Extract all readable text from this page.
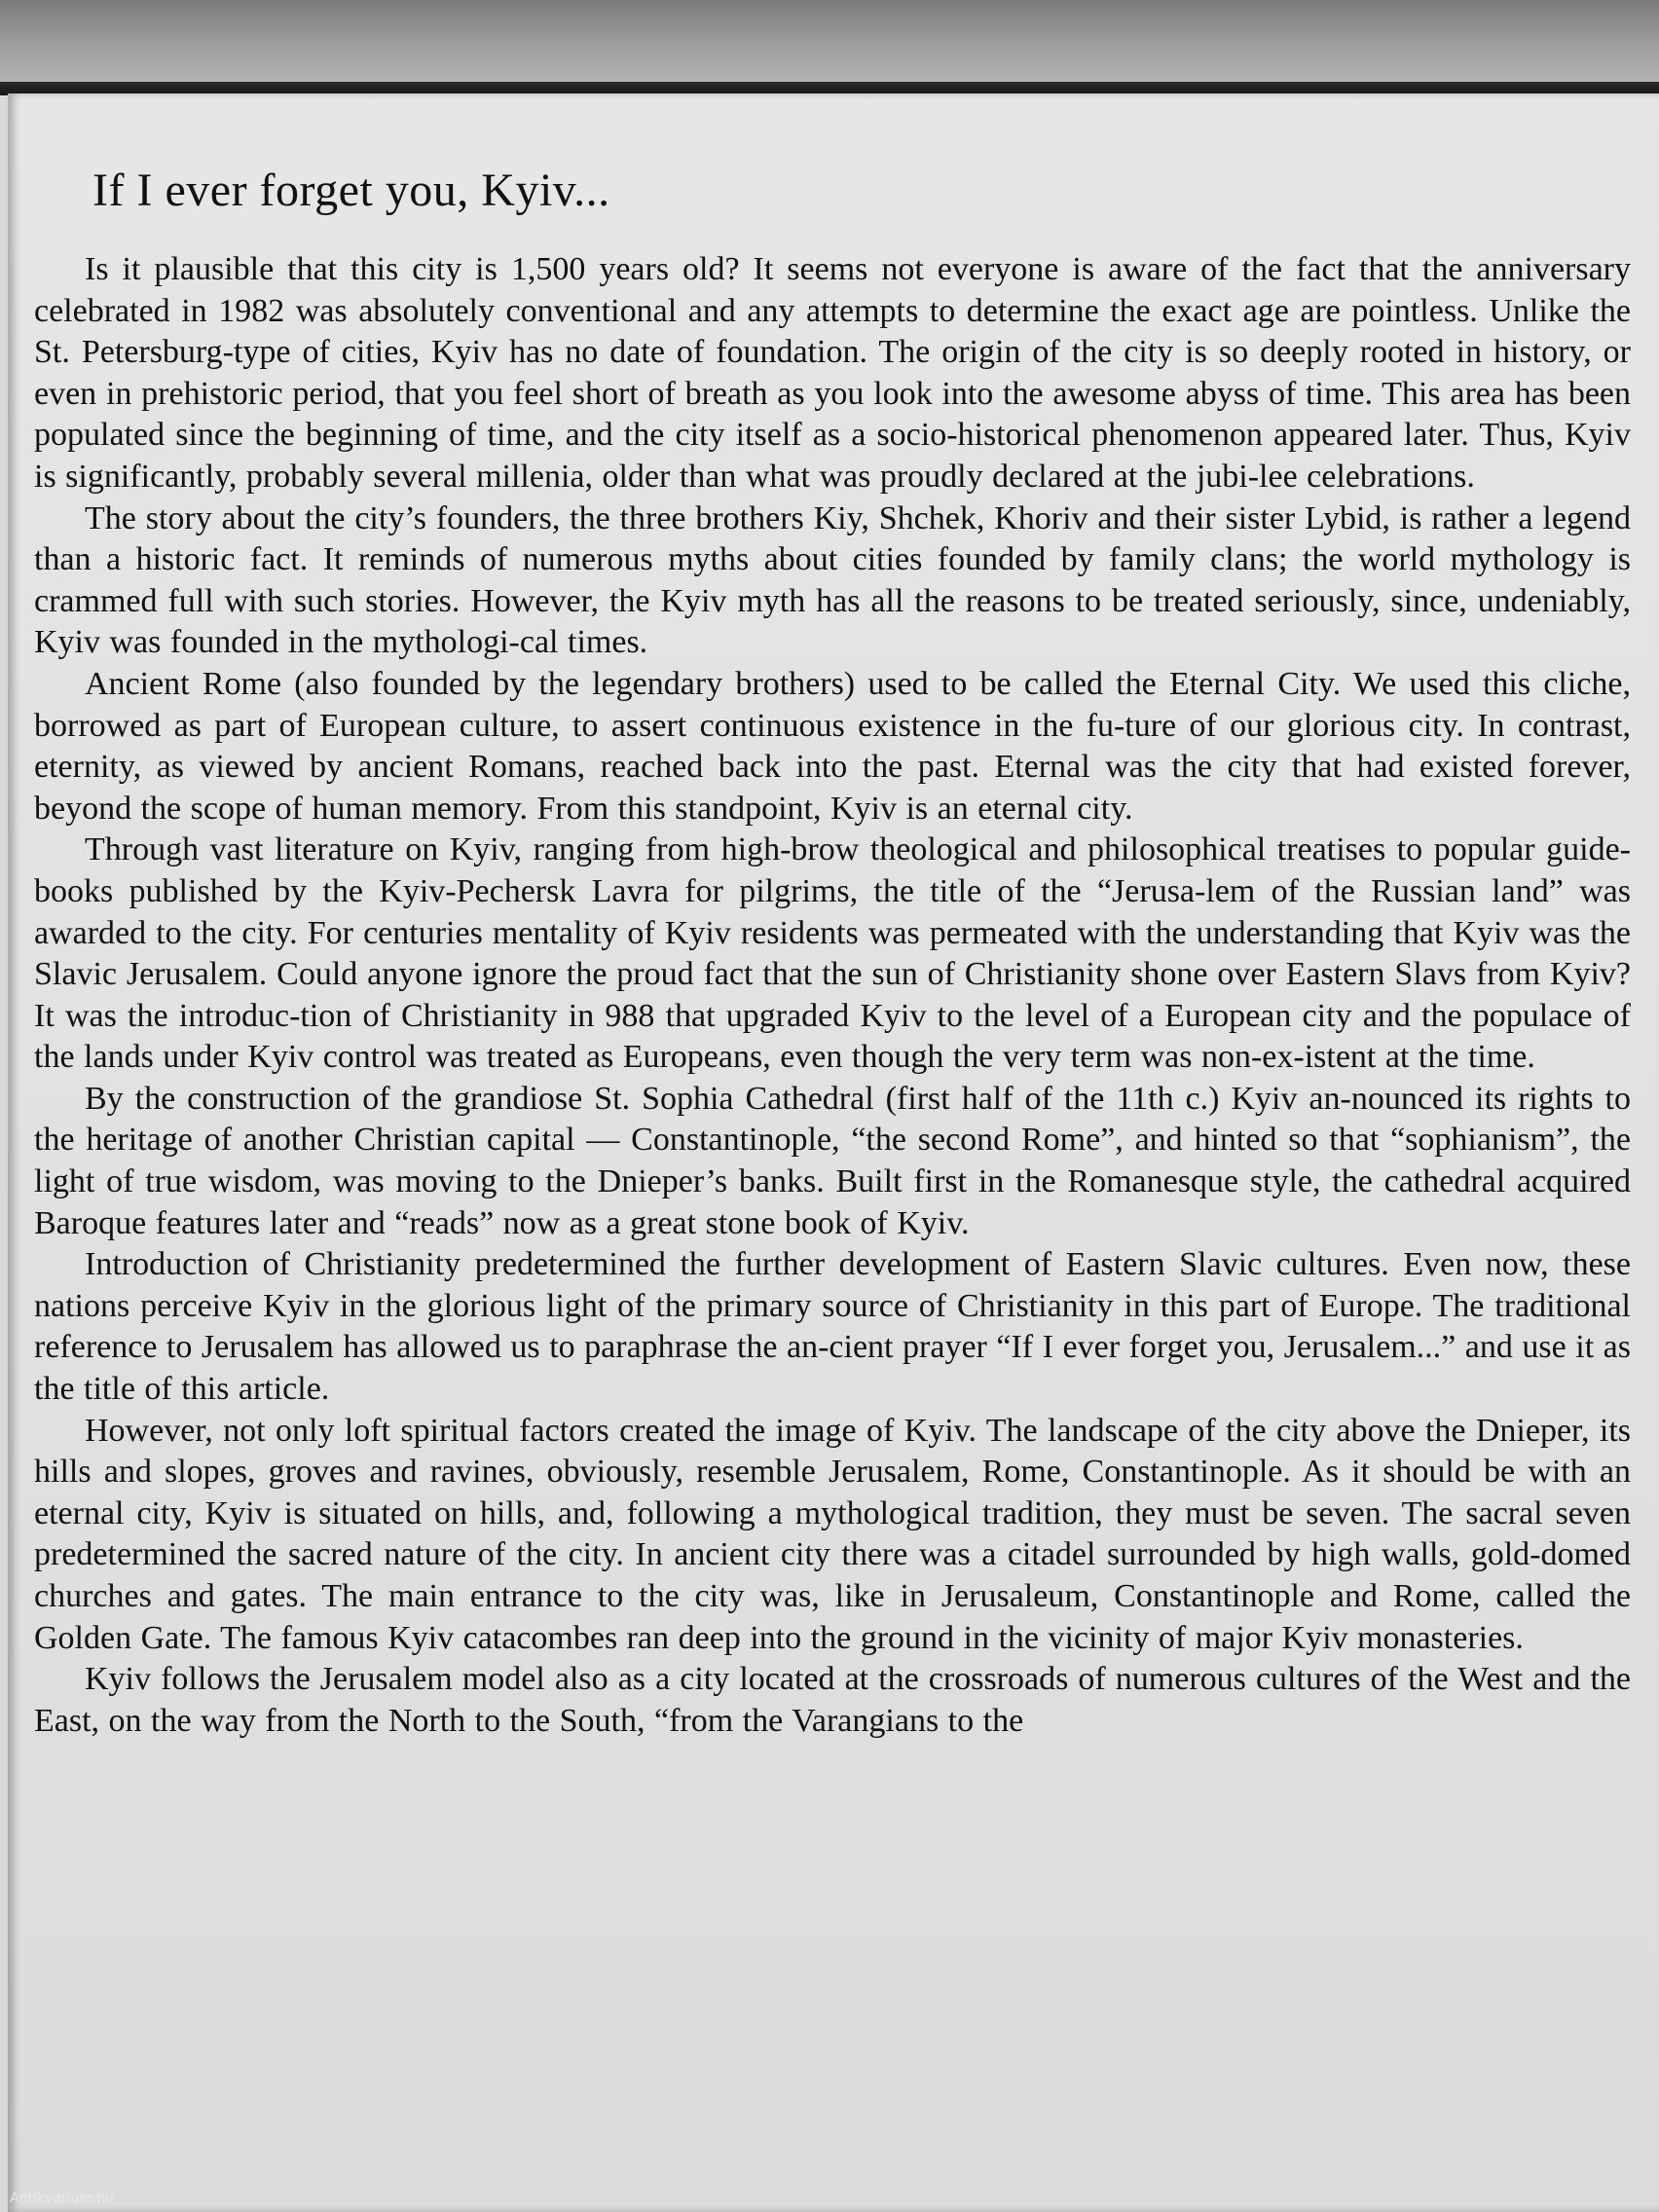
If I ever forget you, Kyiv...

Is it plausible that this city is 1,500 years old? It seems not everyone is aware of the fact that the anniversary celebrated in 1982 was absolutely conventional and any attempts to determine the exact age are pointless. Unlike the St. Petersburg-type of cities, Kyiv has no date of foundation. The origin of the city is so deeply rooted in history, or even in prehistoric period, that you feel short of breath as you look into the awesome abyss of time. This area has been populated since the beginning of time, and the city itself as a socio-historical phenomenon appeared later. Thus, Kyiv is significantly, probably several millenia, older than what was proudly declared at the jubi-lee celebrations.

The story about the city’s founders, the three brothers Kiy, Shchek, Khoriv and their sister Lybid, is rather a legend than a historic fact. It reminds of numerous myths about cities founded by family clans; the world mythology is crammed full with such stories. However, the Kyiv myth has all the reasons to be treated seriously, since, undeniably, Kyiv was founded in the mythologi-cal times.

Ancient Rome (also founded by the legendary brothers) used to be called the Eternal City. We used this cliche, borrowed as part of European culture, to assert continuous existence in the fu-ture of our glorious city. In contrast, eternity, as viewed by ancient Romans, reached back into the past. Eternal was the city that had existed forever, beyond the scope of human memory. From this standpoint, Kyiv is an eternal city.

Through vast literature on Kyiv, ranging from high-brow theological and philosophical treatises to popular guide-books published by the Kyiv-Pechersk Lavra for pilgrims, the title of the “Jerusa-lem of the Russian land” was awarded to the city. For centuries mentality of Kyiv residents was permeated with the understanding that Kyiv was the Slavic Jerusalem. Could anyone ignore the proud fact that the sun of Christianity shone over Eastern Slavs from Kyiv? It was the introduc-tion of Christianity in 988 that upgraded Kyiv to the level of a European city and the populace of the lands under Kyiv control was treated as Europeans, even though the very term was non-ex-istent at the time.

By the construction of the grandiose St. Sophia Cathedral (first half of the 11th c.) Kyiv an-nounced its rights to the heritage of another Christian capital — Constantinople, “the second Rome”, and hinted so that “sophianism”, the light of true wisdom, was moving to the Dnieper’s banks. Built first in the Romanesque style, the cathedral acquired Baroque features later and “reads” now as a great stone book of Kyiv.

Introduction of Christianity predetermined the further development of Eastern Slavic cultures. Even now, these nations perceive Kyiv in the glorious light of the primary source of Christianity in this part of Europe. The traditional reference to Jerusalem has allowed us to paraphrase the an-cient prayer “If I ever forget you, Jerusalem...” and use it as the title of this article.

However, not only loft spiritual factors created the image of Kyiv. The landscape of the city above the Dnieper, its hills and slopes, groves and ravines, obviously, resemble Jerusalem, Rome, Constantinople. As it should be with an eternal city, Kyiv is situated on hills, and, following a mythological tradition, they must be seven. The sacral seven predetermined the sacred nature of the city. In ancient city there was a citadel surrounded by high walls, gold-domed churches and gates. The main entrance to the city was, like in Jerusaleum, Constantinople and Rome, called the Golden Gate. The famous Kyiv catacombes ran deep into the ground in the vicinity of major Kyiv monasteries.

Kyiv follows the Jerusalem model also as a city located at the crossroads of numerous cultures of the West and the East, on the way from the North to the South, “from the Varangians to the

Antikvarium.hu
